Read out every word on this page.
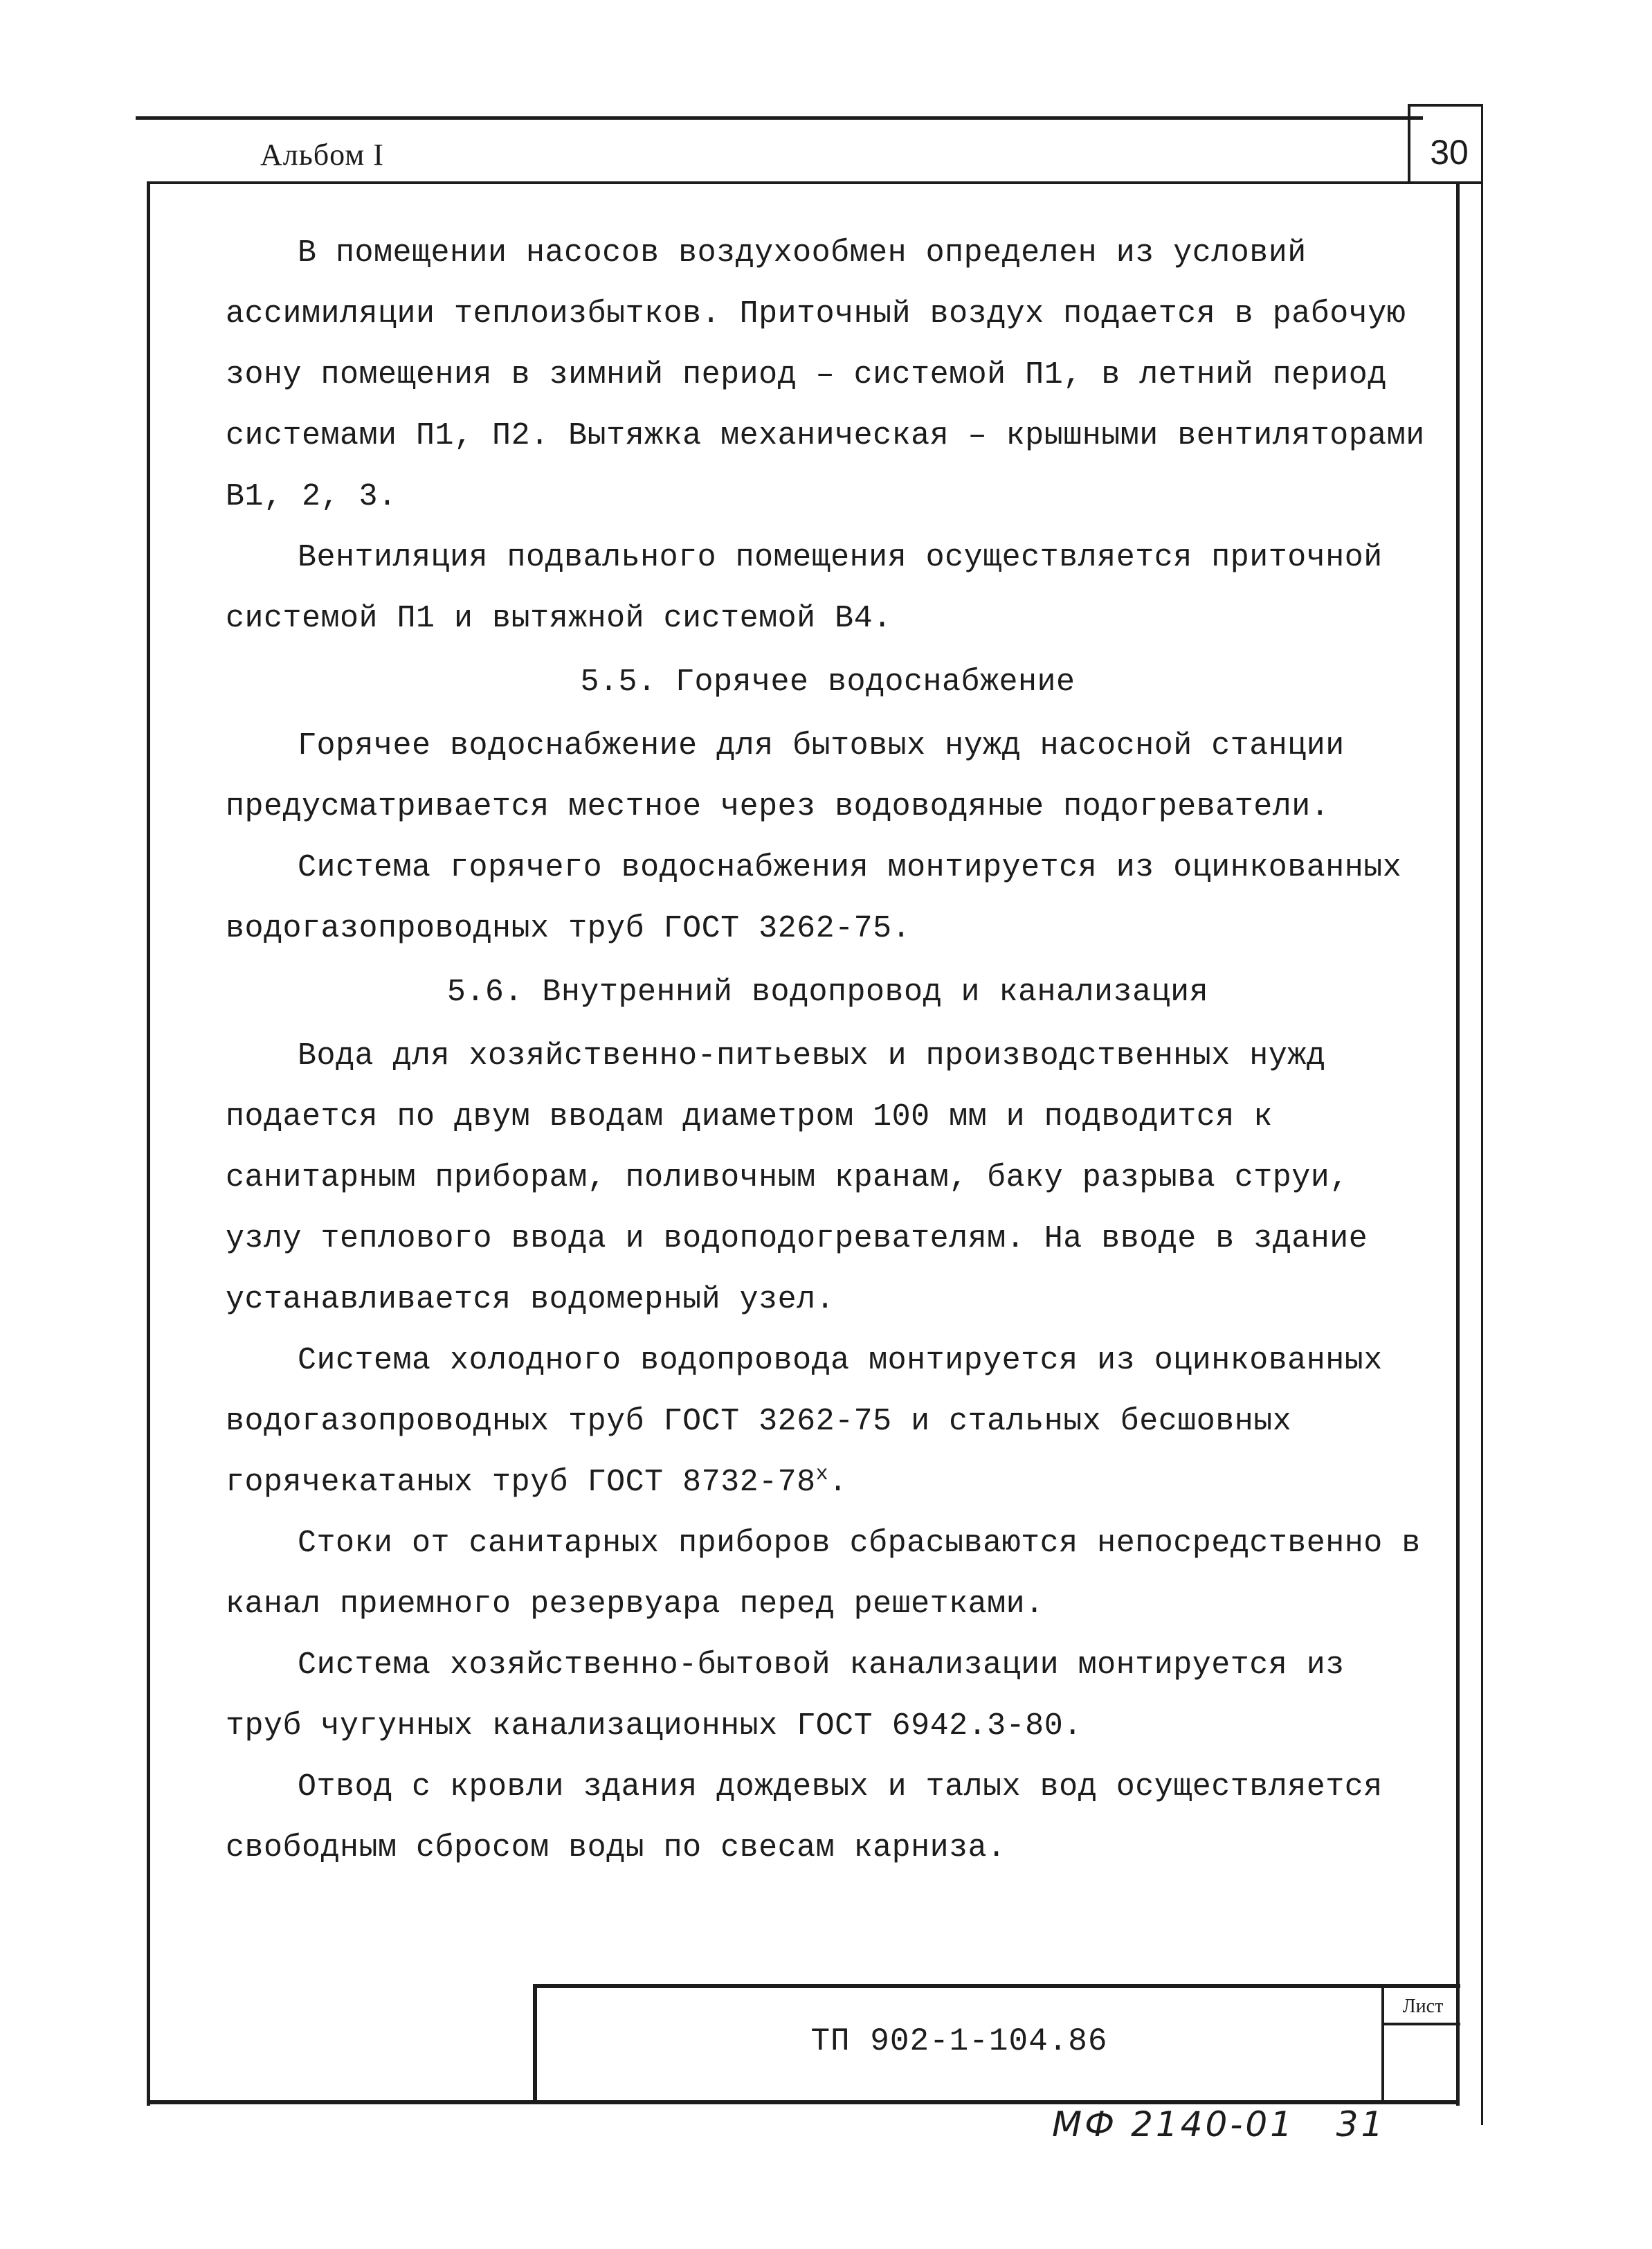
Альбом I	30

В помещении насосов воздухообмен определен из условий ассимиляции теплоизбытков. Приточный воздух подается в рабочую зону помещения в зимний период – системой П1, в летний период системами П1, П2. Вытяжка механическая – крышными вентиляторами В1, 2, 3.

Вентиляция подвального помещения осуществляется приточной системой П1 и вытяжной системой В4.

5.5. Горячее водоснабжение

Горячее водоснабжение для бытовых нужд насосной станции предусматривается местное через водоводяные подогреватели.

Система горячего водоснабжения монтируется из оцинкованных водогазопроводных труб ГОСТ 3262-75.

5.6. Внутренний водопровод и канализация

Вода для хозяйственно-питьевых и производственных нужд подается по двум вводам диаметром 100 мм и подводится к санитарным приборам, поливочным кранам, баку разрыва струи, узлу теплового ввода и водоподогревателям. На вводе в здание устанавливается водомерный узел.

Система холодного водопровода монтируется из оцинкованных водогазопроводных труб ГОСТ 3262-75 и стальных бесшовных горячекатаных труб ГОСТ $8732-78^х$.

Стоки от санитарных приборов сбрасываются непосредственно в канал приемного резервуара перед решетками.

Система хозяйственно-бытовой канализации монтируется из труб чугунных канализационных ГОСТ 6942.3-80.

Отвод с кровли здания дождевых и талых вод осуществляется свободным сбросом воды по свесам карниза.

ТП 902-1-104.86
Лист
МФ 2140-01   31
